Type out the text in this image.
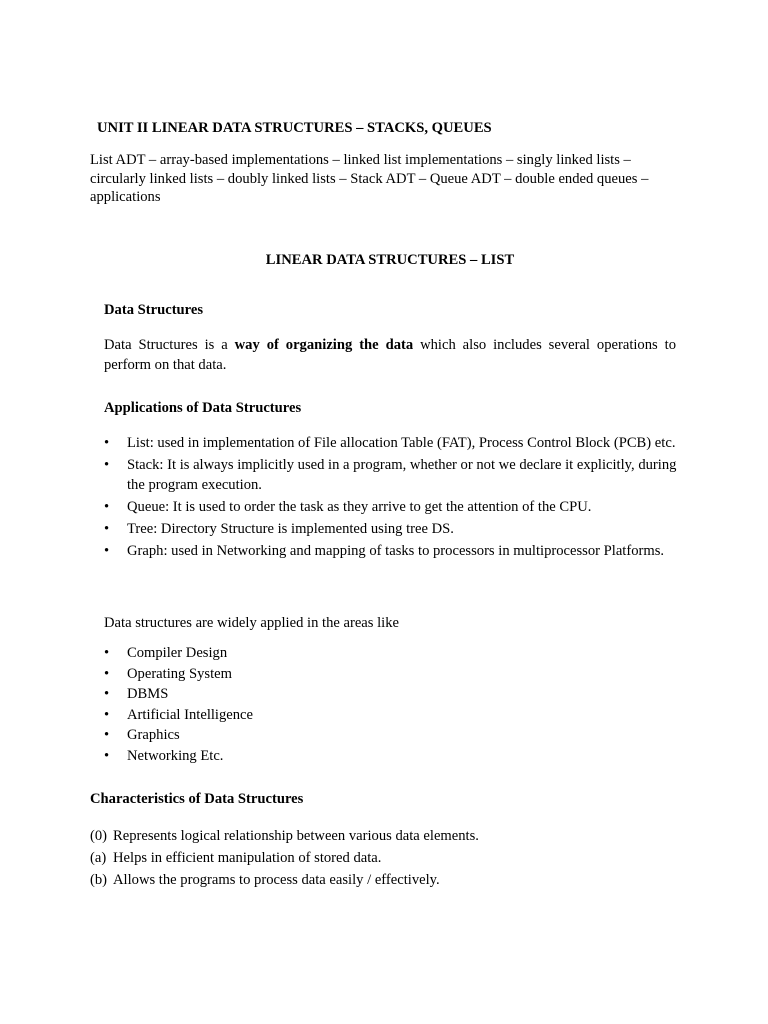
UNIT II LINEAR DATA STRUCTURES – STACKS, QUEUES
List ADT – array-based implementations – linked list implementations – singly linked lists – circularly linked lists – doubly linked lists – Stack ADT – Queue ADT – double ended queues – applications
LINEAR DATA STRUCTURES – LIST
Data Structures
Data Structures is a way of organizing the data which also includes several operations to perform on that data.
Applications of Data Structures
• List: used in implementation of File allocation Table (FAT), Process Control Block (PCB) etc.
• Stack: It is always implicitly used in a program, whether or not we declare it explicitly, during the program execution.
• Queue: It is used to order the task as they arrive to get the attention of the CPU.
• Tree: Directory Structure is implemented using tree DS.
• Graph: used in Networking and mapping of tasks to processors in multiprocessor Platforms.
Data structures are widely applied in the areas like
• Compiler Design
• Operating System
• DBMS
• Artificial Intelligence
• Graphics
• Networking Etc.
Characteristics of Data Structures
(0) Represents logical relationship between various data elements.
(a) Helps in efficient manipulation of stored data.
(b) Allows the programs to process data easily / effectively.
